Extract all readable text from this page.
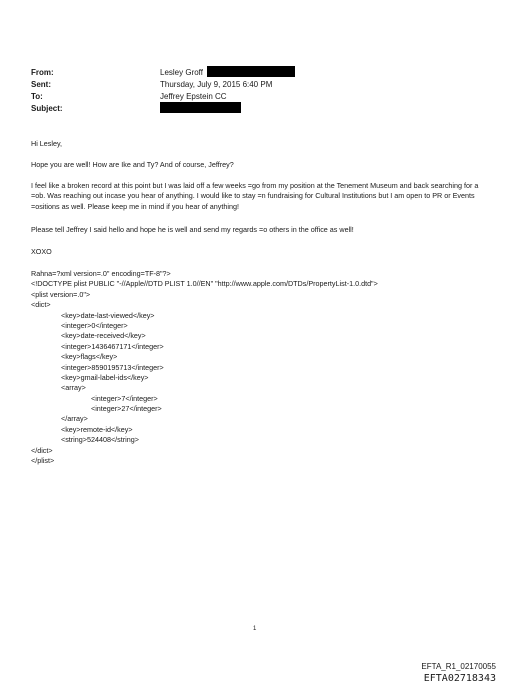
From:	Lesley Groff
Sent:	Thursday, July 9, 2015 6:40 PM
To:	Jeffrey Epstein CC
Subject:
Hi Lesley,
Hope you are well! How are Ike and Ty? And of course, Jeffrey?
I feel like a broken record at this point but I was laid off a few weeks =go from my position at the Tenement Museum and back searching for a =ob. Was reaching out incase you hear of anything. I would like to stay =n fundraising for Cultural Institutions but I am open to PR or Events =ositions as well. Please keep me in mind if you hear of anything!
Please tell Jeffrey I said hello and hope he is well and send my regards =o others in the office as well!
XOXO
Rahna=?xml version=.0" encoding=TF-8"?>
<!DOCTYPE plist PUBLIC "-//Apple//DTD PLIST 1.0//EN" "http://www.apple.com/DTDs/PropertyList-1.0.dtd">
<plist version=.0">
<dict>
<key>date-last-viewed</key>
<integer>0</integer>
<key>date-received</key>
<integer>1436467171</integer>
<key>flags</key>
<integer>8590195713</integer>
<key>gmail-label-ids</key>
<array>
<integer>7</integer>
<integer>27</integer>
</array>
<key>remote-id</key>
<string>524408</string>
</dict>
</plist>
1
EFTA_R1_02170055
EFTA02718343
